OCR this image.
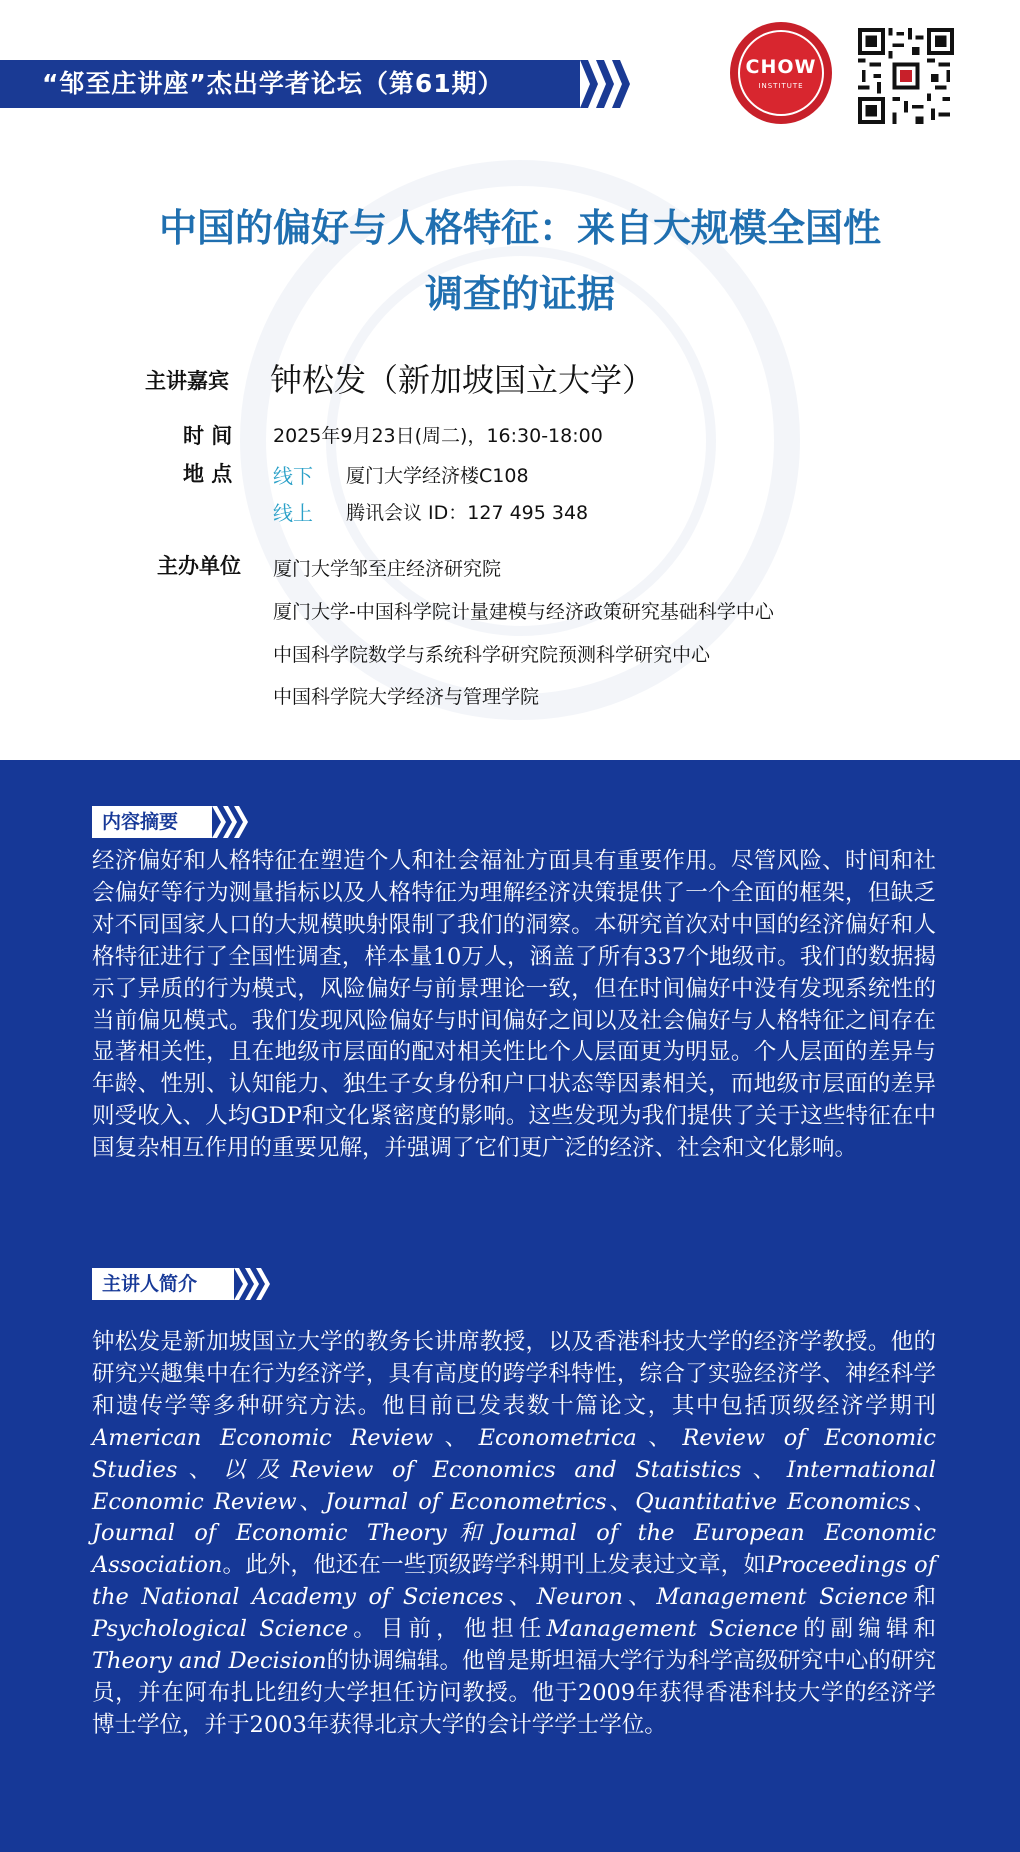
“邹至庄讲座”杰出学者论坛（第61期）
CHOW
INSTITUTE
中国的偏好与人格特征：来自大规模全国性
调查的证据
主讲嘉宾 钟松发（新加坡国立大学）
时 间 2025年9月23日(周二)，16:30-18:00
地 点 线下 厦门大学经济楼C108
线上 腾讯会议 ID：127 495 348
主办单位 厦门大学邹至庄经济研究院
厦门大学-中国科学院计量建模与经济政策研究基础科学中心
中国科学院数学与系统科学研究院预测科学研究中心
中国科学院大学经济与管理学院
内容摘要
经济偏好和人格特征在塑造个人和社会福祉方面具有重要作用。尽管风险、时间和社会偏好等行为测量指标以及人格特征为理解经济决策提供了一个全面的框架，但缺乏对不同国家人口的大规模映射限制了我们的洞察。本研究首次对中国的经济偏好和人格特征进行了全国性调查，样本量10万人，涵盖了所有337个地级市。我们的数据揭示了异质的行为模式，风险偏好与前景理论一致，但在时间偏好中没有发现系统性的当前偏见模式。我们发现风险偏好与时间偏好之间以及社会偏好与人格特征之间存在显著相关性，且在地级市层面的配对相关性比个人层面更为明显。个人层面的差异与年龄、性别、认知能力、独生子女身份和户口状态等因素相关，而地级市层面的差异则受收入、人均GDP和文化紧密度的影响。这些发现为我们提供了关于这些特征在中国复杂相互作用的重要见解，并强调了它们更广泛的经济、社会和文化影响。
主讲人简介
钟松发是新加坡国立大学的教务长讲席教授，以及香港科技大学的经济学教授。他的研究兴趣集中在行为经济学，具有高度的跨学科特性，综合了实验经济学、神经科学和遗传学等多种研究方法。他目前已发表数十篇论文，其中包括顶级经济学期刊American Economic Review、Econometrica、Review of Economic Studies、以及Review of Economics and Statistics、International Economic Review、Journal of Econometrics、Quantitative Economics、Journal of Economic Theory和Journal of the European Economic Association。此外，他还在一些顶级跨学科期刊上发表过文章，如Proceedings of the National Academy of Sciences、Neuron、Management Science和Psychological Science。目前，他担任Management Science的副编辑和Theory and Decision的协调编辑。他曾是斯坦福大学行为科学高级研究中心的研究员，并在阿布扎比纽约大学担任访问教授。他于2009年获得香港科技大学的经济学博士学位，并于2003年获得北京大学的会计学学士学位。
